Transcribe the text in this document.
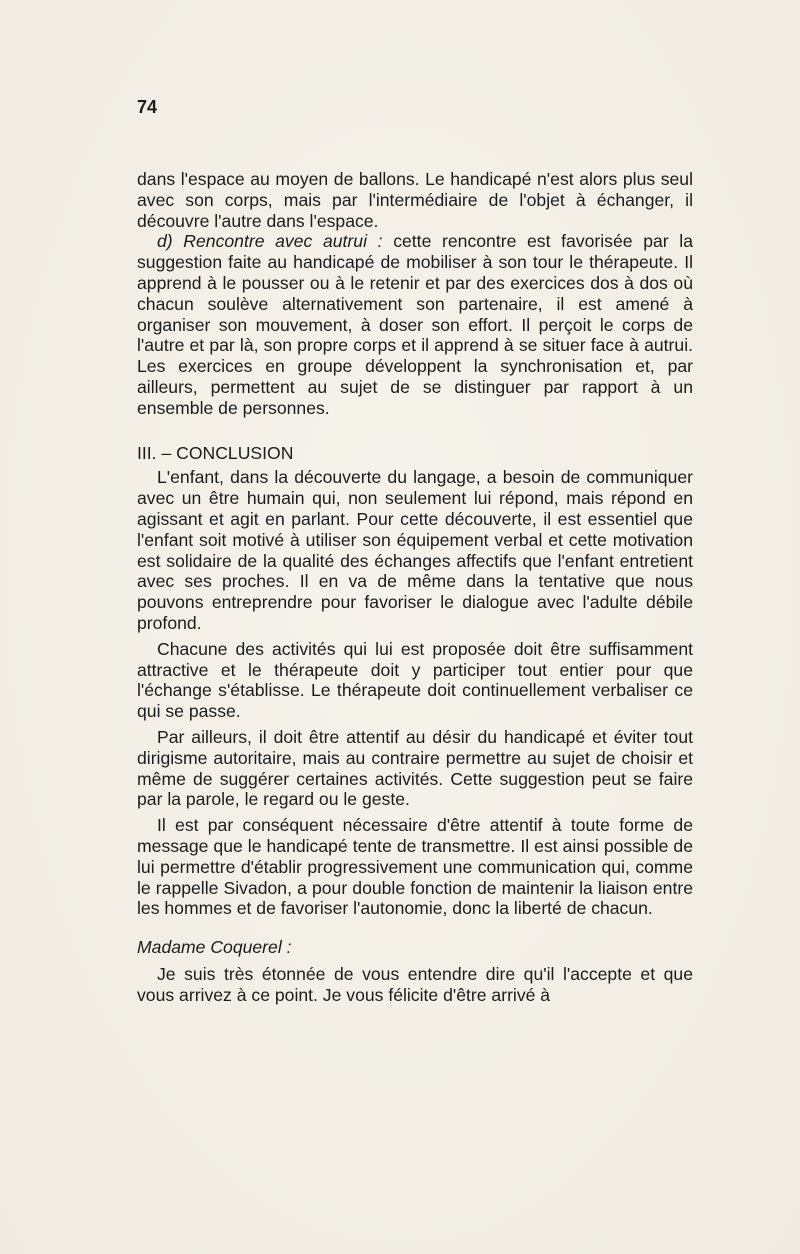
74

dans l'espace au moyen de ballons. Le handicapé n'est alors plus seul avec son corps, mais par l'intermédiaire de l'objet à échanger, il découvre l'autre dans l'espace.

d) Rencontre avec autrui : cette rencontre est favorisée par la suggestion faite au handicapé de mobiliser à son tour le thérapeute. Il apprend à le pousser ou à le retenir et par des exercices dos à dos où chacun soulève alternativement son partenaire, il est amené à organiser son mouvement, à doser son effort. Il perçoit le corps de l'autre et par là, son propre corps et il apprend à se situer face à autrui. Les exercices en groupe développent la synchronisation et, par ailleurs, permettent au sujet de se distinguer par rapport à un ensemble de personnes.

III. – CONCLUSION

L'enfant, dans la découverte du langage, a besoin de communiquer avec un être humain qui, non seulement lui répond, mais répond en agissant et agit en parlant. Pour cette découverte, il est essentiel que l'enfant soit motivé à utiliser son équipement verbal et cette motivation est solidaire de la qualité des échanges affectifs que l'enfant entretient avec ses proches. Il en va de même dans la tentative que nous pouvons entreprendre pour favoriser le dialogue avec l'adulte débile profond.

Chacune des activités qui lui est proposée doit être suffisamment attractive et le thérapeute doit y participer tout entier pour que l'échange s'établisse. Le thérapeute doit continuellement verbaliser ce qui se passe.

Par ailleurs, il doit être attentif au désir du handicapé et éviter tout dirigisme autoritaire, mais au contraire permettre au sujet de choisir et même de suggérer certaines activités. Cette suggestion peut se faire par la parole, le regard ou le geste.

Il est par conséquent nécessaire d'être attentif à toute forme de message que le handicapé tente de transmettre. Il est ainsi possible de lui permettre d'établir progressivement une communication qui, comme le rappelle Sivadon, a pour double fonction de maintenir la liaison entre les hommes et de favoriser l'autonomie, donc la liberté de chacun.

Madame Coquerel :

Je suis très étonnée de vous entendre dire qu'il l'accepte et que vous arrivez à ce point. Je vous félicite d'être arrivé à
